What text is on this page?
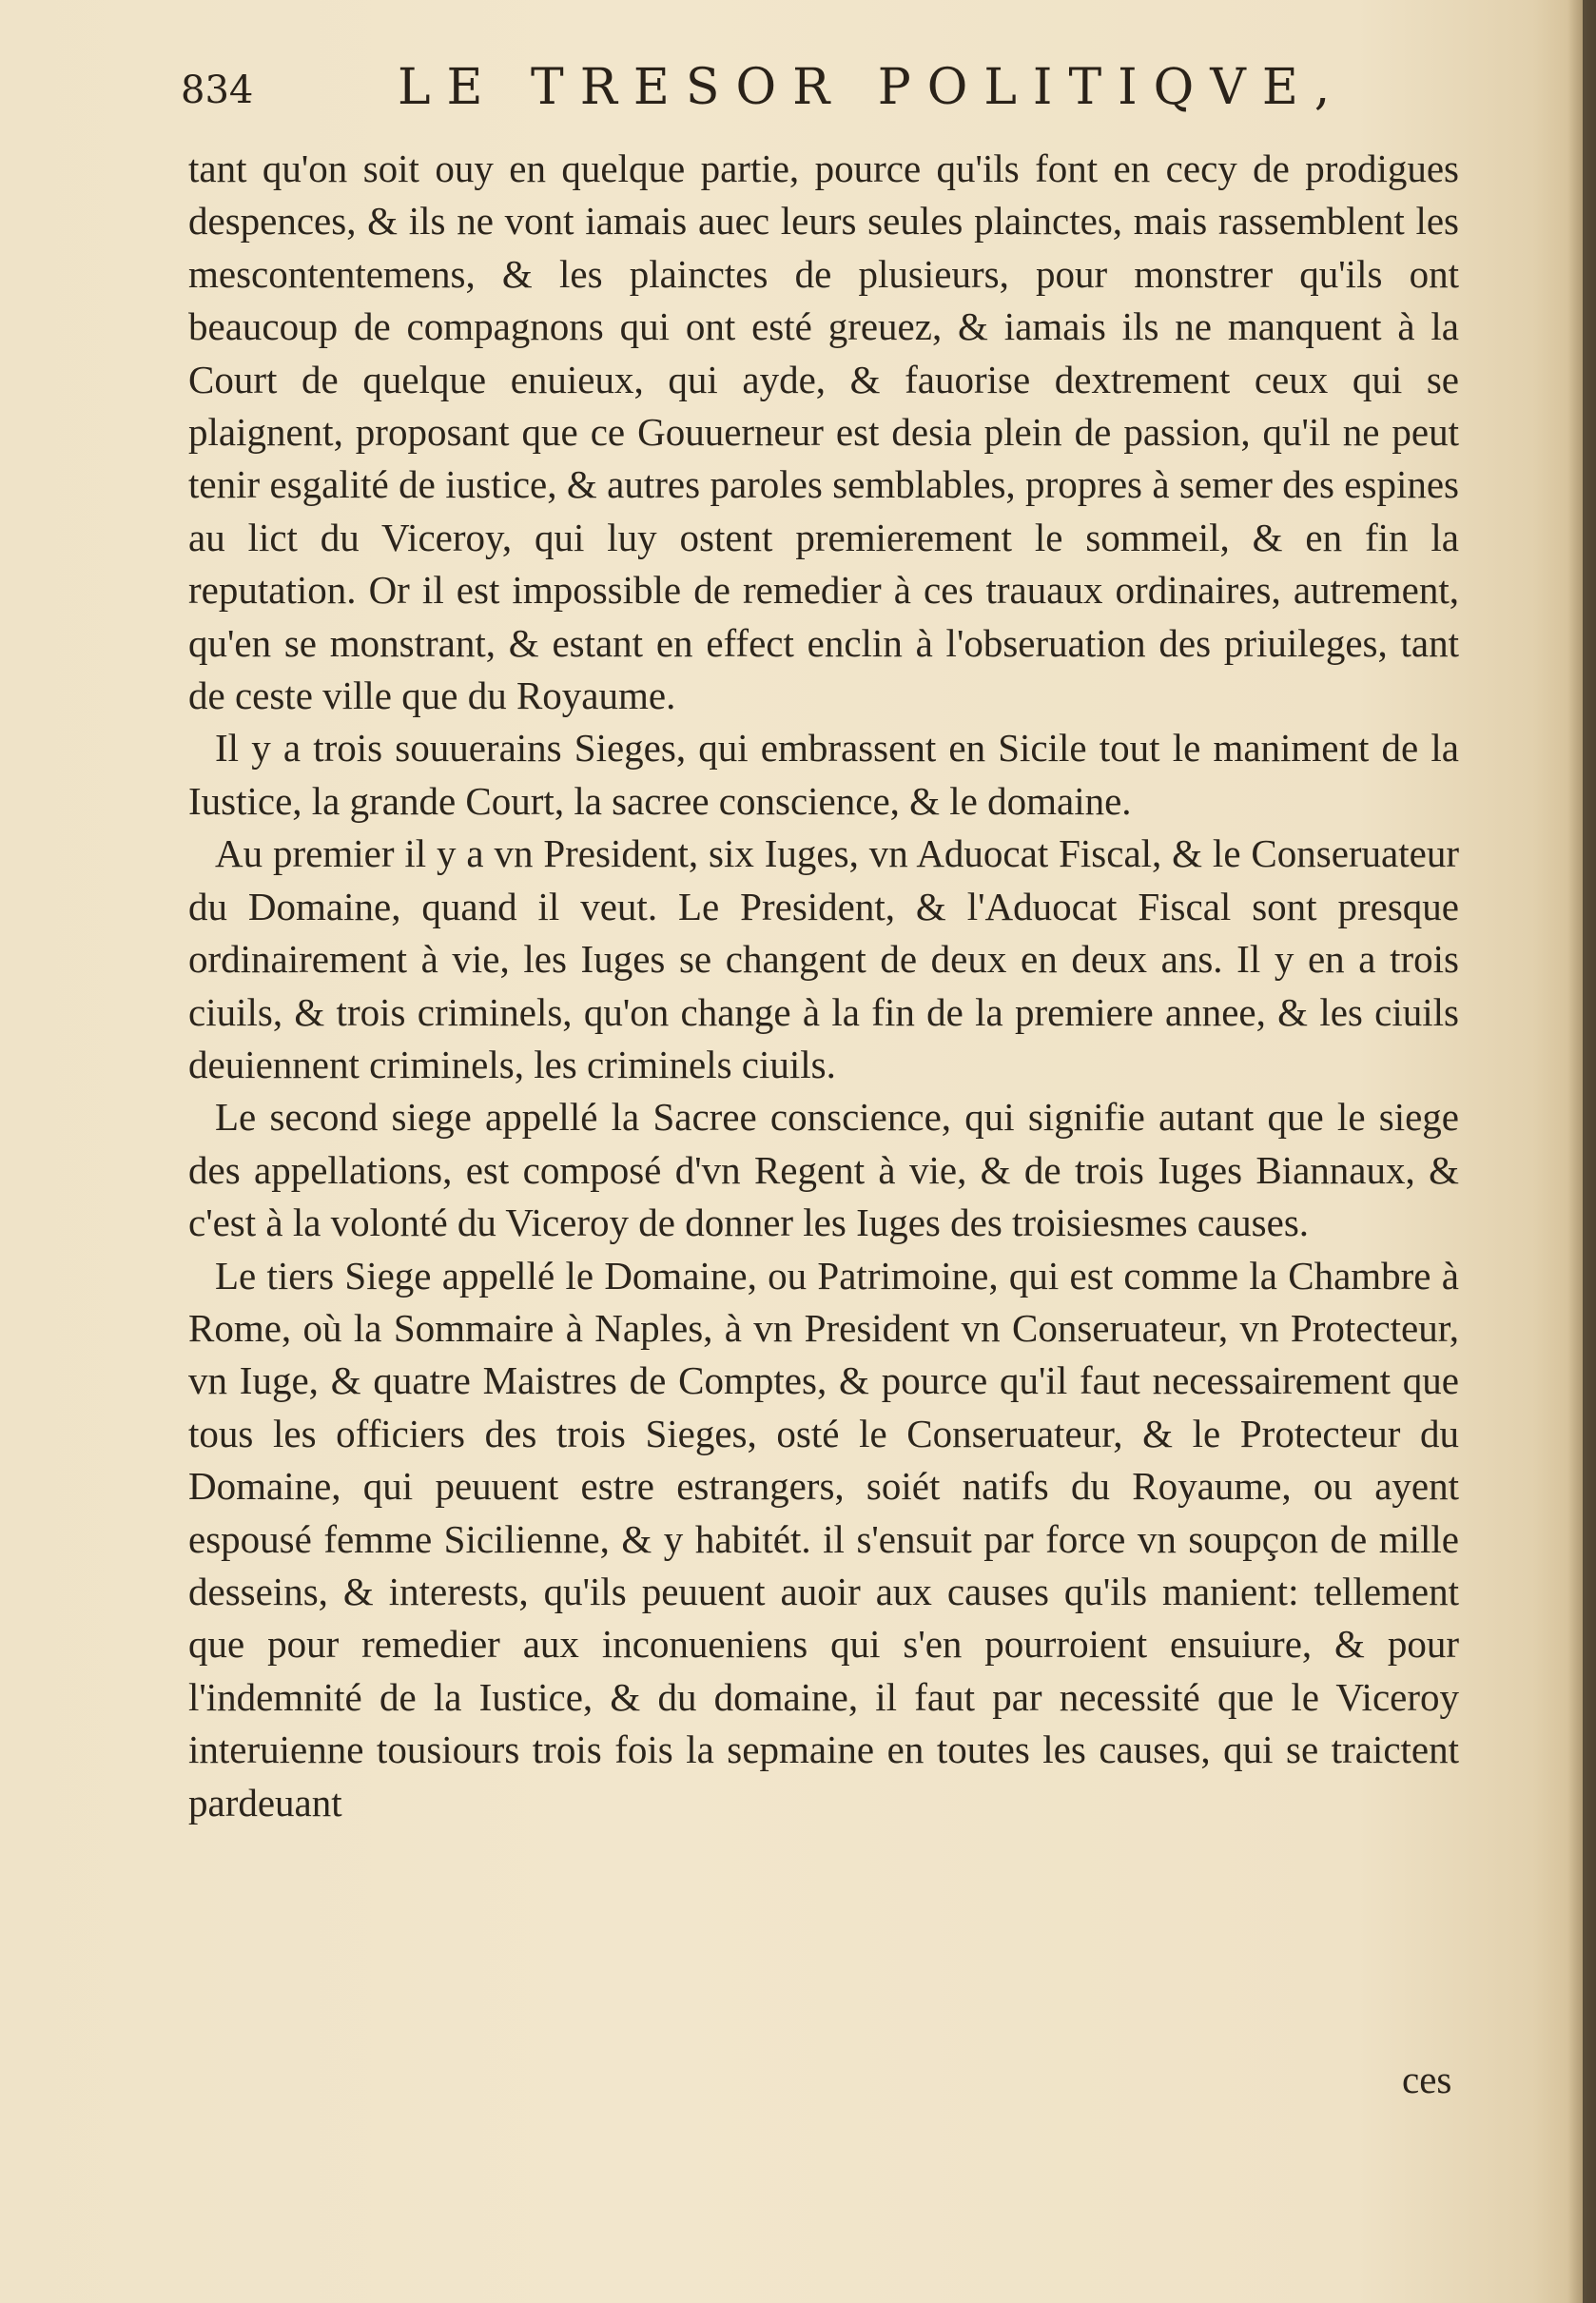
834	LE TRESOR POLITIQVE,

tant qu'on soit ouy en quelque partie, pource qu'ils font en cecy de prodigues despences, & ils ne vont iamais auec leurs seules plainctes, mais rassemblent les mescontentemens, & les plainctes de plusieurs, pour monstrer qu'ils ont beaucoup de compagnons qui ont esté greuez, & iamais ils ne manquent à la Court de quelque enuieux, qui ayde, & fauorise dextrement ceux qui se plaignent, proposant que ce Gouuerneur est desia plein de passion, qu'il ne peut tenir esgalité de iustice, & autres paroles semblables, propres à semer des espines au lict du Viceroy, qui luy ostent premierement le sommeil, & en fin la reputation. Or il est impossible de remedier à ces trauaux ordinaires, autrement, qu'en se monstrant, & estant en effect enclin à l'obseruation des priuileges, tant de ceste ville que du Royaume.

Il y a trois souuerains Sieges, qui embrassent en Sicile tout le maniment de la Iustice, la grande Court, la sacree conscience, & le domaine.

Au premier il y a vn President, six Iuges, vn Aduocat Fiscal, & le Conseruateur du Domaine, quand il veut. Le President, & l'Aduocat Fiscal sont presque ordinairement à vie, les Iuges se changent de deux en deux ans. Il y en a trois ciuils, & trois criminels, qu'on change à la fin de la premiere annee, & les ciuils deuiennent criminels, les criminels ciuils.

Le second siege appellé la Sacree conscience, qui signifie autant que le siege des appellations, est composé d'vn Regent à vie, & de trois Iuges Biannaux, & c'est à la volonté du Viceroy de donner les Iuges des troisiesmes causes.

Le tiers Siege appellé le Domaine, ou Patrimoine, qui est comme la Chambre à Rome, où la Sommaire à Naples, à vn President vn Conseruateur, vn Protecteur, vn Iuge, & quatre Maistres de Comptes, & pource qu'il faut necessairement que tous les officiers des trois Sieges, osté le Conseruateur, & le Protecteur du Domaine, qui peuuent estre estrangers, soiét natifs du Royaume, ou ayent espousé femme Sicilienne, & y habitét. il s'ensuit par force vn soupçon de mille desseins, & interests, qu'ils peuuent auoir aux causes qu'ils manient: tellement que pour remedier aux inconueniens qui s'en pourroient ensuiure, & pour l'indemnité de la Iustice, & du domaine, il faut par necessité que le Viceroy interuienne tousiours trois fois la sepmaine en toutes les causes, qui se traictent pardeuant

ces
